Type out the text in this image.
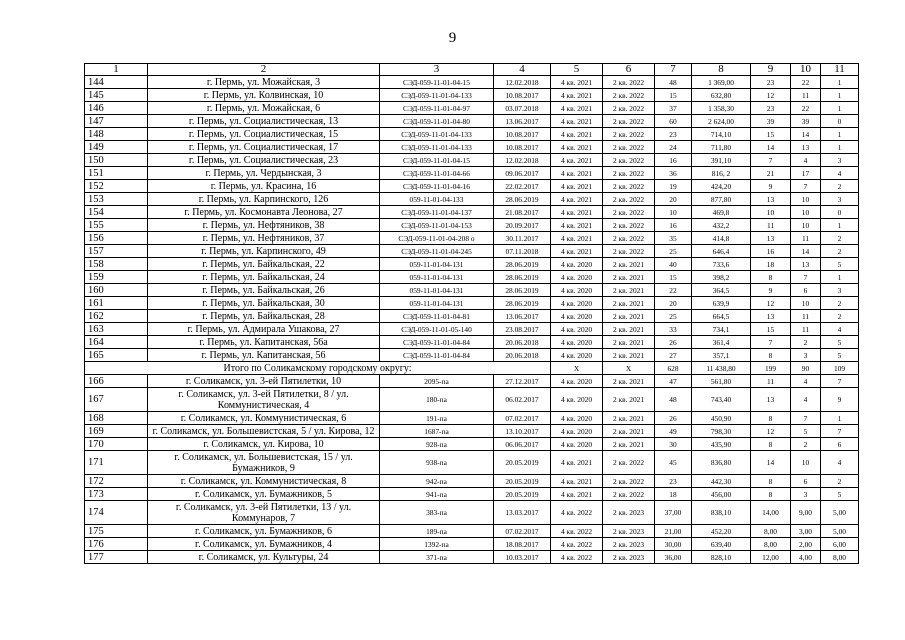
9
1	2	3	4	5	6	7	8	9	10	11
144	г. Пермь, ул. Можайская, 3	СЭД-059-11-01-04-15	12.02.2018	4 кв. 2021	2 кв. 2022	48	1 369,00	23	22	1
145	г. Пермь, ул. Колвинская, 10	СЭД-059-11-01-04-133	10.08.2017	4 кв. 2021	2 кв. 2022	15	632,80	12	11	1
146	г. Пермь, ул. Можайская, 6	СЭД-059-11-01-04-97	03.07.2018	4 кв. 2021	2 кв. 2022	37	1 358,30	23	22	1
147	г. Пермь, ул. Социалистическая, 13	СЭД-059-11-01-04-80	13.06.2017	4 кв. 2021	2 кв. 2022	60	2 624,00	39	39	0
148	г. Пермь, ул. Социалистическая, 15	СЭД-059-11-01-04-133	10.08.2017	4 кв. 2021	2 кв. 2022	23	714,10	15	14	1
149	г. Пермь, ул. Социалистическая, 17	СЭД-059-11-01-04-133	10.08.2017	4 кв. 2021	2 кв. 2022	24	711,80	14	13	1
150	г. Пермь, ул. Социалистическая, 23	СЭД-059-11-01-04-15	12.02.2018	4 кв. 2021	2 кв. 2022	16	391,10	7	4	3
151	г. Пермь, ул. Чердынская, 3	СЭД-059-11-01-04-66	09.06.2017	4 кв. 2021	2 кв. 2022	36	816, 2	21	17	4
152	г. Пермь, ул. Красина, 16	СЭД-059-11-01-04-16	22.02.2017	4 кв. 2021	2 кв. 2022	19	424,20	9	7	2
153	г. Пермь, ул. Карпинского, 126	059-11-01-04-133	28.06.2019	4 кв. 2021	2 кв. 2022	20	877,80	13	10	3
154	г. Пермь, ул. Космонавта Леонова, 27	СЭД-059-11-01-04-137	21.08.2017	4 кв. 2021	2 кв. 2022	10	469,8	10	10	0
155	г. Пермь, ул. Нефтяников, 38	СЭД-059-11-01-04-153	20.09.2017	4 кв. 2021	2 кв. 2022	16	432,2	11	10	1
156	г. Пермь, ул. Нефтяников, 37	СЭД-059-11-01-04-208 о	30.11.2017	4 кв. 2021	2 кв. 2022	35	414,8	13	11	2
157	г. Пермь, ул. Карпинского, 49	СЭД-059-11-01-04-245	07.11.2018	4 кв. 2021	2 кв. 2022	25	646,4	16	14	2
158	г. Пермь, ул. Байкальская, 22	059-11-01-04-131	28.06.2019	4 кв. 2020	2 кв. 2021	40	733,6	18	13	5
159	г. Пермь, ул. Байкальская, 24	059-11-01-04-131	28.06.2019	4 кв. 2020	2 кв. 2021	15	398,2	8	7	1
160	г. Пермь, ул. Байкальская, 26	059-11-01-04-131	28.06.2019	4 кв. 2020	2 кв. 2021	22	364,5	9	6	3
161	г. Пермь, ул. Байкальская, 30	059-11-01-04-131	28.06.2019	4 кв. 2020	2 кв. 2021	20	639,9	12	10	2
162	г. Пермь, ул. Байкальская, 28	СЭД-059-11-01-04-81	13.06.2017	4 кв. 2020	2 кв. 2021	25	664,5	13	11	2
163	г. Пермь, ул. Адмирала Ушакова, 27	СЭД-059-11-01-05-140	23.08.2017	4 кв. 2020	2 кв. 2021	33	734,1	15	11	4
164	г. Пермь, ул. Капитанская, 56а	СЭД-059-11-01-04-84	20.06.2018	4 кв. 2020	2 кв. 2021	26	361,4	7	2	5
165	г. Пермь, ул. Капитанская, 56	СЭД-059-11-01-04-84	20.06.2018	4 кв. 2020	2 кв. 2021	27	357,1	8	3	5
Итого по Соликамскому городскому округу:				Х	Х	628	11 438,80	199	90	109
166	г. Соликамск, ул. 3-ей Пятилетки, 10	2095-па	27.12.2017	4 кв. 2020	2 кв. 2021	47	561,80	11	4	7
167	г. Соликамск, ул. 3-ей Пятилетки, 8 / ул. Коммунистическая, 4	180-па	06.02.2017	4 кв. 2020	2 кв. 2021	48	743,40	13	4	9
168	г. Соликамск, ул. Коммунистическая, 6	191-па	07.02.2017	4 кв. 2020	2 кв. 2021	26	450,90	8	7	1
169	г. Соликамск, ул. Большевистская, 5 / ул. Кирова, 12	1687-па	13.10.2017	4 кв. 2020	2 кв. 2021	49	798,30	12	5	7
170	г. Соликамск, ул. Кирова, 10	928-па	06.06.2017	4 кв. 2020	2 кв. 2021	30	435,90	8	2	6
171	г. Соликамск, ул. Большевистская, 15 / ул. Бумажников, 9	938-па	20.05.2019	4 кв. 2021	2 кв. 2022	45	836,80	14	10	4
172	г. Соликамск, ул. Коммунистическая, 8	942-па	20.05.2019	4 кв. 2021	2 кв. 2022	23	442,30	8	6	2
173	г. Соликамск, ул. Бумажников, 5	941-па	20.05.2019	4 кв. 2021	2 кв. 2022	18	456,00	8	3	5
174	г. Соликамск, ул. 3-ей Пятилетки, 13 / ул. Коммунаров, 7	383-па	13.03.2017	4 кв. 2022	2 кв. 2023	37,00	838,10	14,00	9,00	5,00
175	г. Соликамск, ул. Бумажников, 6	189-па	07.02.2017	4 кв. 2022	2 кв. 2023	21,00	452,20	8,00	3,00	5,00
176	г. Соликамск, ул. Бумажников, 4	1392-па	18.08.2017	4 кв. 2022	2 кв. 2023	30,00	639,40	8,00	2,00	6,00
177	г. Соликамск, ул. Культуры, 24	371-па	10.03.2017	4 кв. 2022	2 кв. 2023	36,00	828,10	12,00	4,00	8,00
